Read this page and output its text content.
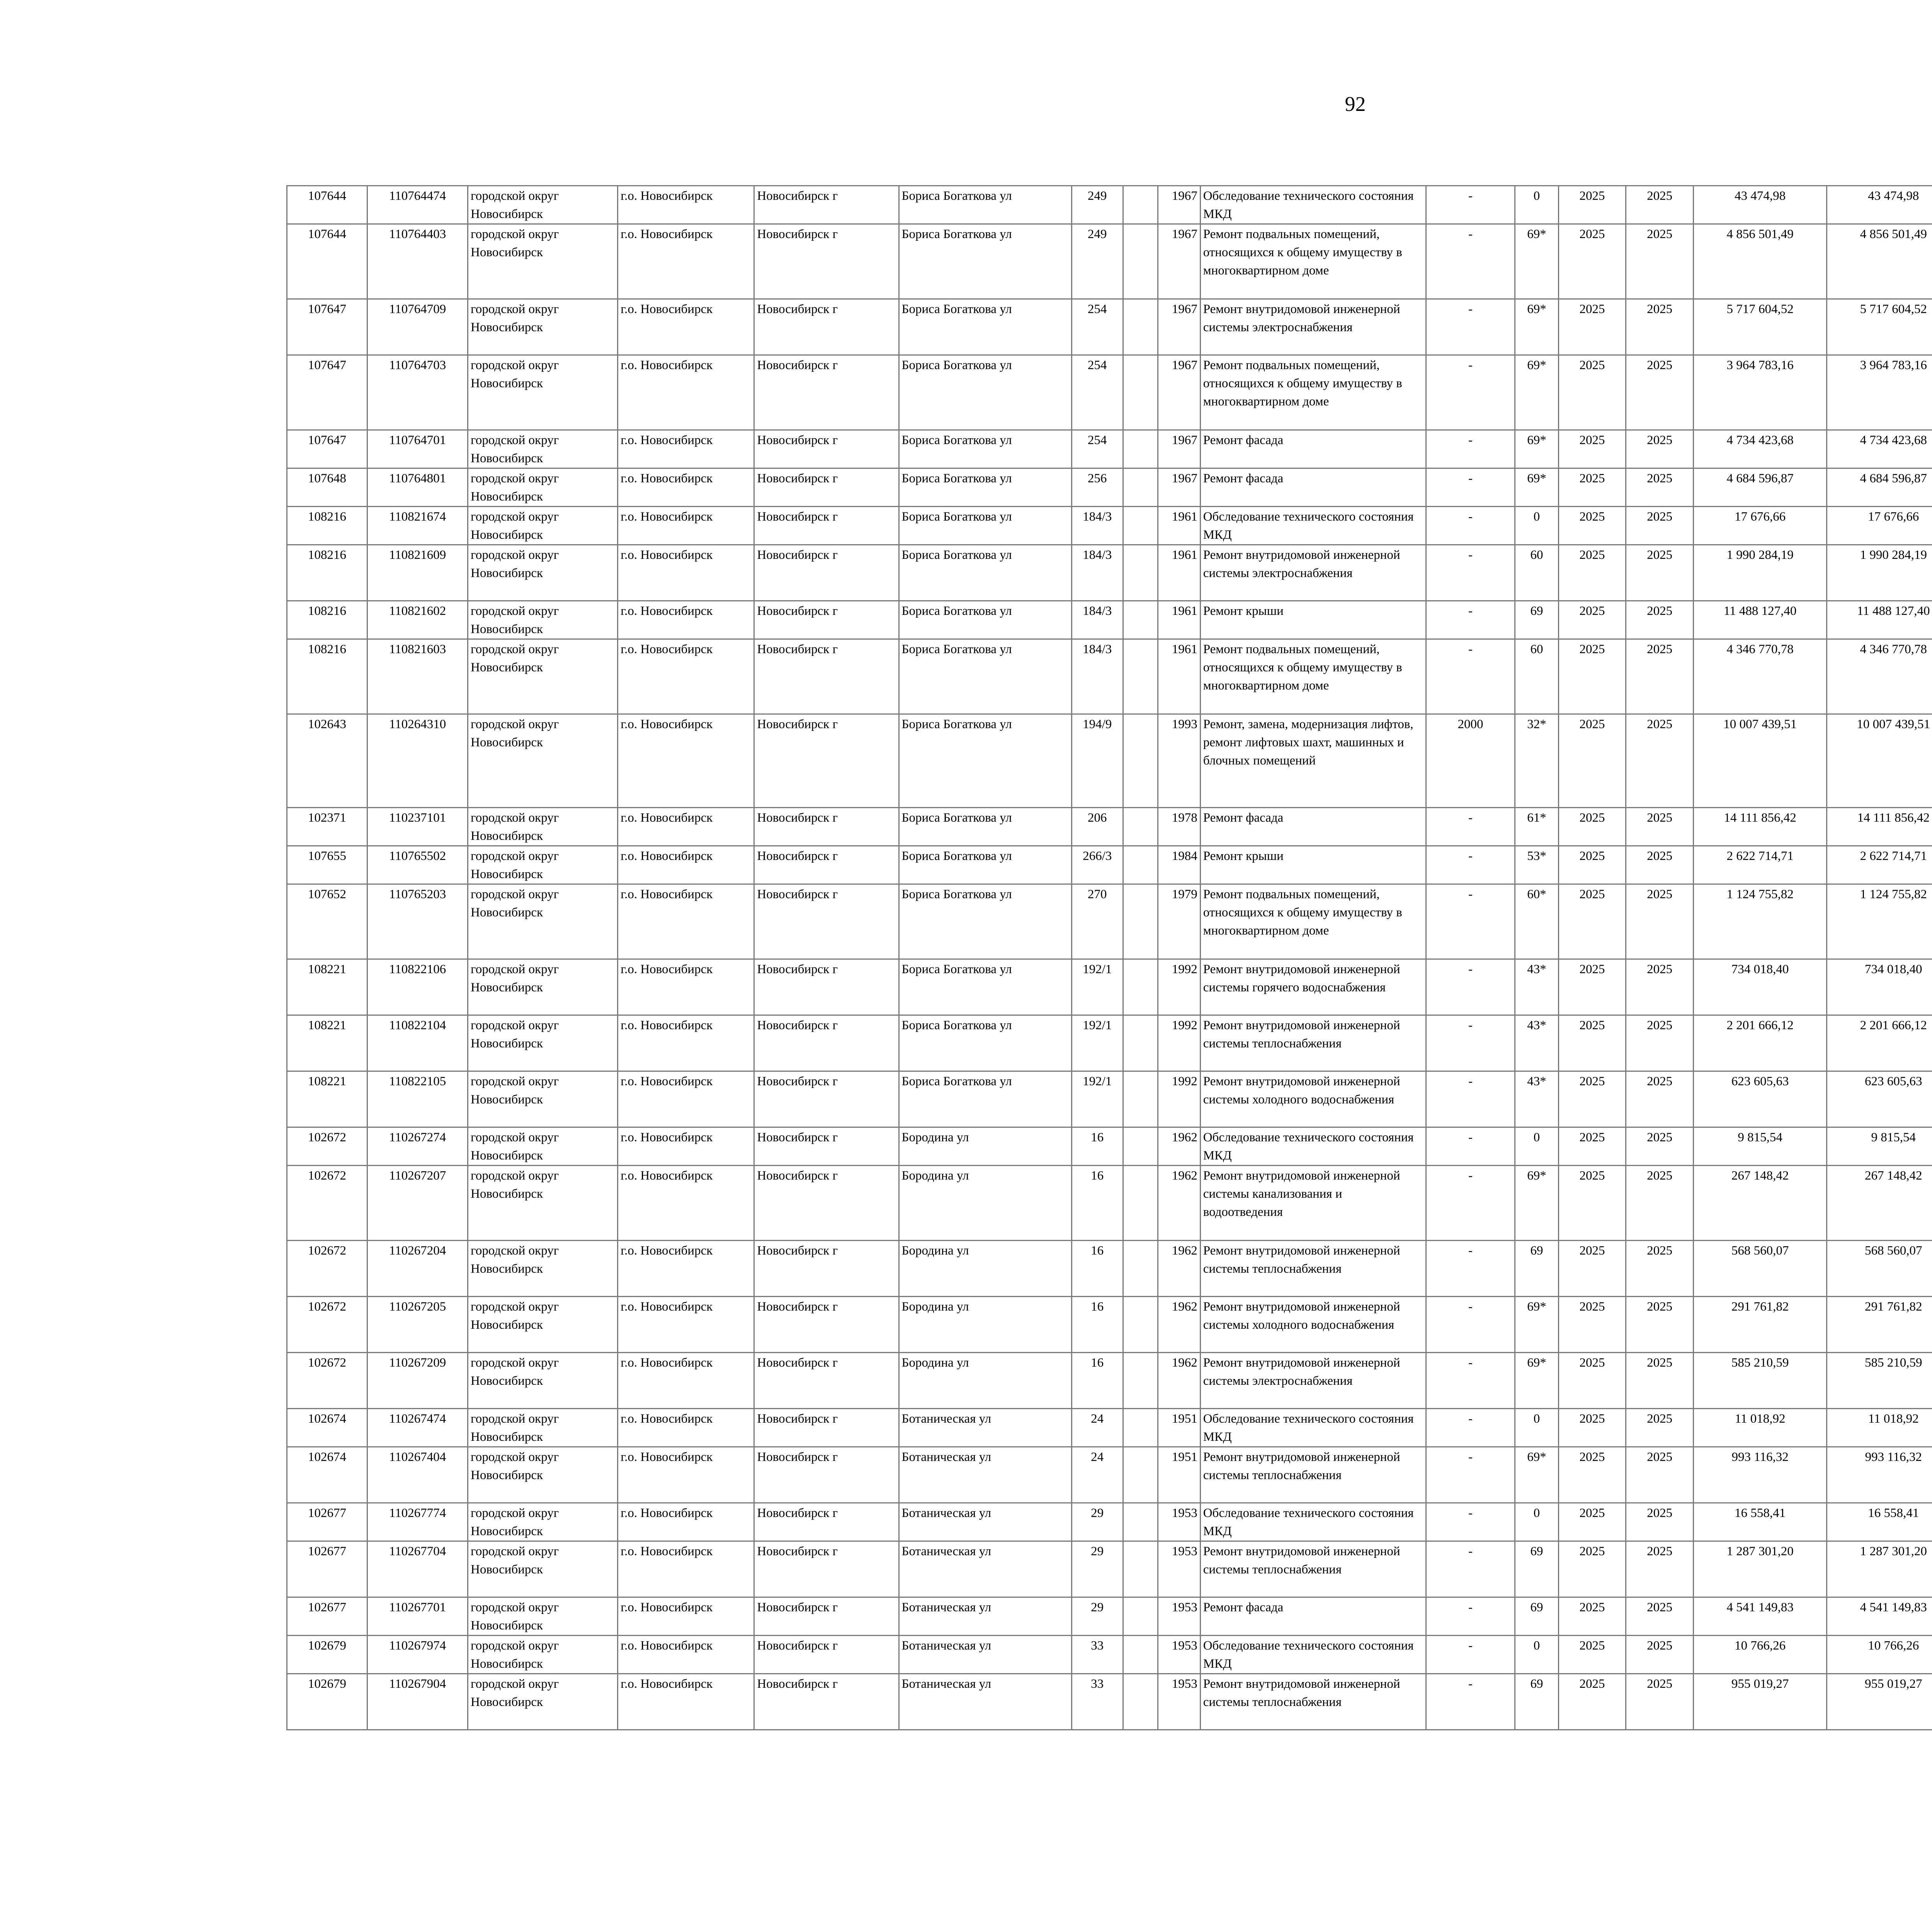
92
107644	110764474	городской округ Новосибирск	г.о. Новосибирск	Новосибирск г	Бориса Богаткова ул	249		1967	Обследование технического состояния МКД	-	0	2025	2025	43 474,98	43 474,98						
107644	110764403	городской округ Новосибирск	г.о. Новосибирск	Новосибирск г	Бориса Богаткова ул	249		1967	Ремонт подвальных помещений, относящихся к общему имуществу в многоквартирном доме	-	69*	2025	2025	4 856 501,49	4 856 501,49						
107647	110764709	городской округ Новосибирск	г.о. Новосибирск	Новосибирск г	Бориса Богаткова ул	254		1967	Ремонт внутридомовой инженерной системы электроснабжения	-	69*	2025	2025	5 717 604,52	5 717 604,52						
107647	110764703	городской округ Новосибирск	г.о. Новосибирск	Новосибирск г	Бориса Богаткова ул	254		1967	Ремонт подвальных помещений, относящихся к общему имуществу в многоквартирном доме	-	69*	2025	2025	3 964 783,16	3 964 783,16						
107647	110764701	городской округ Новосибирск	г.о. Новосибирск	Новосибирск г	Бориса Богаткова ул	254		1967	Ремонт фасада	-	69*	2025	2025	4 734 423,68	4 734 423,68						
107648	110764801	городской округ Новосибирск	г.о. Новосибирск	Новосибирск г	Бориса Богаткова ул	256		1967	Ремонт фасада	-	69*	2025	2025	4 684 596,87	4 684 596,87						
108216	110821674	городской округ Новосибирск	г.о. Новосибирск	Новосибирск г	Бориса Богаткова ул	184/3		1961	Обследование технического состояния МКД	-	0	2025	2025	17 676,66	17 676,66						
108216	110821609	городской округ Новосибирск	г.о. Новосибирск	Новосибирск г	Бориса Богаткова ул	184/3		1961	Ремонт внутридомовой инженерной системы электроснабжения	-	60	2025	2025	1 990 284,19	1 990 284,19						
108216	110821602	городской округ Новосибирск	г.о. Новосибирск	Новосибирск г	Бориса Богаткова ул	184/3		1961	Ремонт крыши	-	69	2025	2025	11 488 127,40	11 488 127,40						
108216	110821603	городской округ Новосибирск	г.о. Новосибирск	Новосибирск г	Бориса Богаткова ул	184/3		1961	Ремонт подвальных помещений, относящихся к общему имуществу в многоквартирном доме	-	60	2025	2025	4 346 770,78	4 346 770,78						
102643	110264310	городской округ Новосибирск	г.о. Новосибирск	Новосибирск г	Бориса Богаткова ул	194/9		1993	Ремонт, замена, модернизация лифтов, ремонт лифтовых шахт, машинных и блочных помещений	2000	32*	2025	2025	10 007 439,51	10 007 439,51						
102371	110237101	городской округ Новосибирск	г.о. Новосибирск	Новосибирск г	Бориса Богаткова ул	206		1978	Ремонт фасада	-	61*	2025	2025	14 111 856,42	14 111 856,42						
107655	110765502	городской округ Новосибирск	г.о. Новосибирск	Новосибирск г	Бориса Богаткова ул	266/3		1984	Ремонт крыши	-	53*	2025	2025	2 622 714,71	2 622 714,71						
107652	110765203	городской округ Новосибирск	г.о. Новосибирск	Новосибирск г	Бориса Богаткова ул	270		1979	Ремонт подвальных помещений, относящихся к общему имуществу в многоквартирном доме	-	60*	2025	2025	1 124 755,82	1 124 755,82						
108221	110822106	городской округ Новосибирск	г.о. Новосибирск	Новосибирск г	Бориса Богаткова ул	192/1		1992	Ремонт внутридомовой инженерной системы горячего водоснабжения	-	43*	2025	2025	734 018,40	734 018,40						
108221	110822104	городской округ Новосибирск	г.о. Новосибирск	Новосибирск г	Бориса Богаткова ул	192/1		1992	Ремонт внутридомовой инженерной системы теплоснабжения	-	43*	2025	2025	2 201 666,12	2 201 666,12						
108221	110822105	городской округ Новосибирск	г.о. Новосибирск	Новосибирск г	Бориса Богаткова ул	192/1		1992	Ремонт внутридомовой инженерной системы холодного водоснабжения	-	43*	2025	2025	623 605,63	623 605,63						
102672	110267274	городской округ Новосибирск	г.о. Новосибирск	Новосибирск г	Бородина ул	16		1962	Обследование технического состояния МКД	-	0	2025	2025	9 815,54	9 815,54						
102672	110267207	городской округ Новосибирск	г.о. Новосибирск	Новосибирск г	Бородина ул	16		1962	Ремонт внутридомовой инженерной системы канализования и водоотведения	-	69*	2025	2025	267 148,42	267 148,42						
102672	110267204	городской округ Новосибирск	г.о. Новосибирск	Новосибирск г	Бородина ул	16		1962	Ремонт внутридомовой инженерной системы теплоснабжения	-	69	2025	2025	568 560,07	568 560,07						
102672	110267205	городской округ Новосибирск	г.о. Новосибирск	Новосибирск г	Бородина ул	16		1962	Ремонт внутридомовой инженерной системы холодного водоснабжения	-	69*	2025	2025	291 761,82	291 761,82						
102672	110267209	городской округ Новосибирск	г.о. Новосибирск	Новосибирск г	Бородина ул	16		1962	Ремонт внутридомовой инженерной системы электроснабжения	-	69*	2025	2025	585 210,59	585 210,59						
102674	110267474	городской округ Новосибирск	г.о. Новосибирск	Новосибирск г	Ботаническая ул	24		1951	Обследование технического состояния МКД	-	0	2025	2025	11 018,92	11 018,92						
102674	110267404	городской округ Новосибирск	г.о. Новосибирск	Новосибирск г	Ботаническая ул	24		1951	Ремонт внутридомовой инженерной системы теплоснабжения	-	69*	2025	2025	993 116,32	993 116,32						
102677	110267774	городской округ Новосибирск	г.о. Новосибирск	Новосибирск г	Ботаническая ул	29		1953	Обследование технического состояния МКД	-	0	2025	2025	16 558,41	16 558,41						
102677	110267704	городской округ Новосибирск	г.о. Новосибирск	Новосибирск г	Ботаническая ул	29		1953	Ремонт внутридомовой инженерной системы теплоснабжения	-	69	2025	2025	1 287 301,20	1 287 301,20						
102677	110267701	городской округ Новосибирск	г.о. Новосибирск	Новосибирск г	Ботаническая ул	29		1953	Ремонт фасада	-	69	2025	2025	4 541 149,83	4 541 149,83						
102679	110267974	городской округ Новосибирск	г.о. Новосибирск	Новосибирск г	Ботаническая ул	33		1953	Обследование технического состояния МКД	-	0	2025	2025	10 766,26	10 766,26						
102679	110267904	городской округ Новосибирск	г.о. Новосибирск	Новосибирск г	Ботаническая ул	33		1953	Ремонт внутридомовой инженерной системы теплоснабжения	-	69	2025	2025	955 019,27	955 019,27						
